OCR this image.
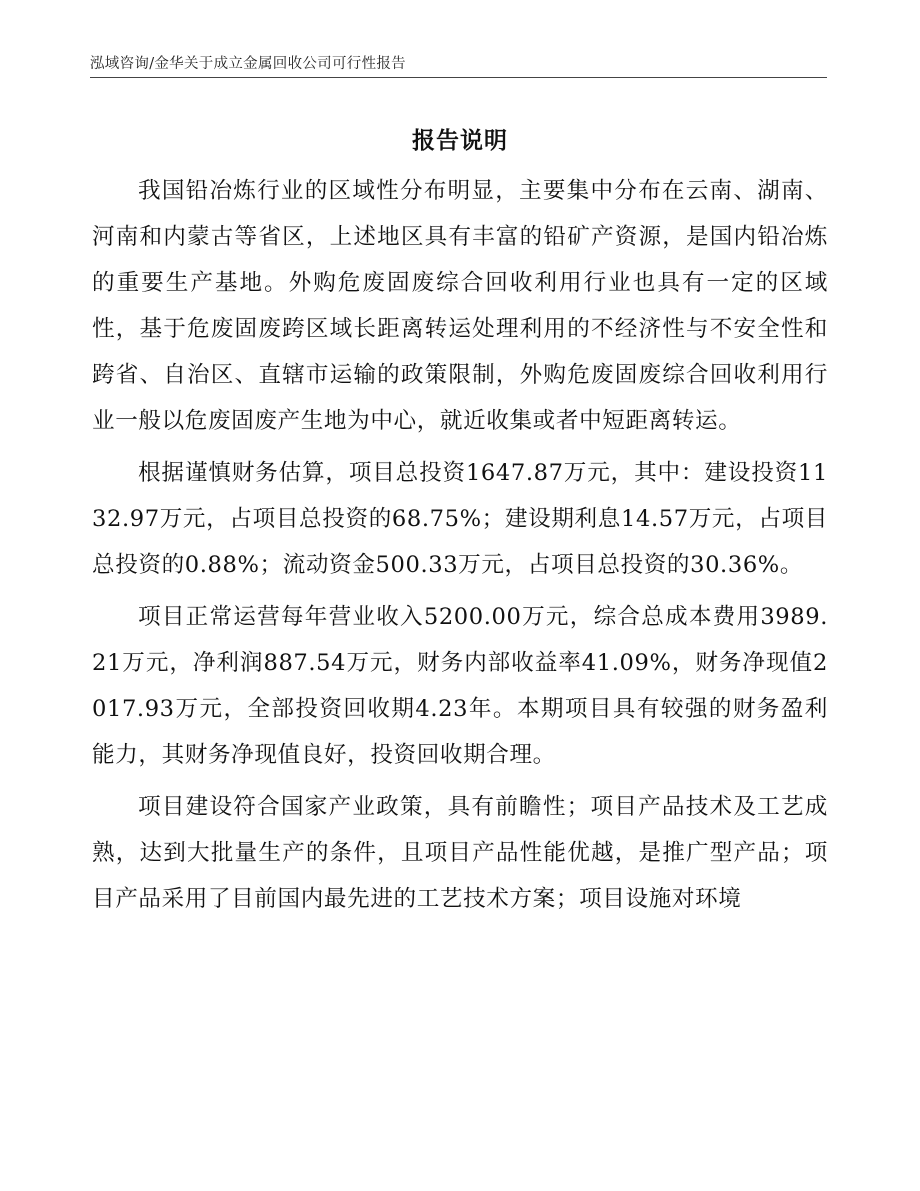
泓域咨询/金华关于成立金属回收公司可行性报告
报告说明

我国铅冶炼行业的区域性分布明显，主要集中分布在云南、湖南、河南和内蒙古等省区，上述地区具有丰富的铅矿产资源，是国内铅冶炼的重要生产基地。外购危废固废综合回收利用行业也具有一定的区域性，基于危废固废跨区域长距离转运处理利用的不经济性与不安全性和跨省、自治区、直辖市运输的政策限制，外购危废固废综合回收利用行业一般以危废固废产生地为中心，就近收集或者中短距离转运。

根据谨慎财务估算，项目总投资1647.87万元，其中：建设投资1132.97万元，占项目总投资的68.75%；建设期利息14.57万元，占项目总投资的0.88%；流动资金500.33万元，占项目总投资的30.36%。

项目正常运营每年营业收入5200.00万元，综合总成本费用3989.21万元，净利润887.54万元，财务内部收益率41.09%，财务净现值2017.93万元，全部投资回收期4.23年。本期项目具有较强的财务盈利能力，其财务净现值良好，投资回收期合理。

项目建设符合国家产业政策，具有前瞻性；项目产品技术及工艺成熟，达到大批量生产的条件，且项目产品性能优越，是推广型产品；项目产品采用了目前国内最先进的工艺技术方案；项目设施对环境
